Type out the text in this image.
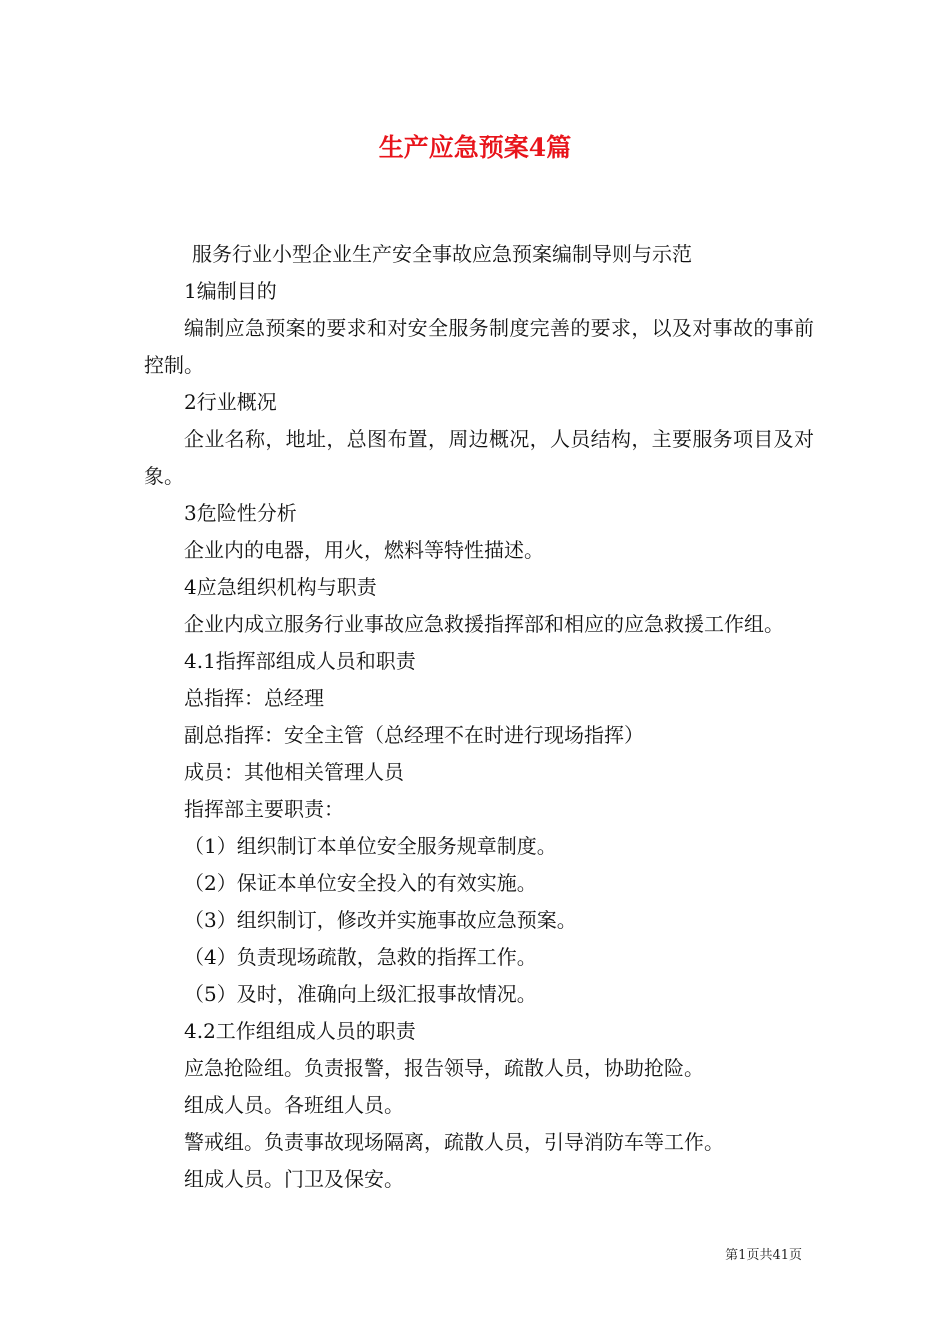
生产应急预案4篇

服务行业小型企业生产安全事故应急预案编制导则与示范

1编制目的

编制应急预案的要求和对安全服务制度完善的要求，以及对事故的事前控制。

2行业概况

企业名称，地址，总图布置，周边概况，人员结构，主要服务项目及对象。

3危险性分析

企业内的电器，用火，燃料等特性描述。

4应急组织机构与职责

企业内成立服务行业事故应急救援指挥部和相应的应急救援工作组。

4.1指挥部组成人员和职责

总指挥：总经理

副总指挥：安全主管（总经理不在时进行现场指挥）

成员：其他相关管理人员

指挥部主要职责：

（1）组织制订本单位安全服务规章制度。

（2）保证本单位安全投入的有效实施。

（3）组织制订，修改并实施事故应急预案。

（4）负责现场疏散，急救的指挥工作。

（5）及时，准确向上级汇报事故情况。

4.2工作组组成人员的职责

应急抢险组。负责报警，报告领导，疏散人员，协助抢险。

组成人员。各班组人员。

警戒组。负责事故现场隔离，疏散人员，引导消防车等工作。

组成人员。门卫及保安。

第1页共41页
